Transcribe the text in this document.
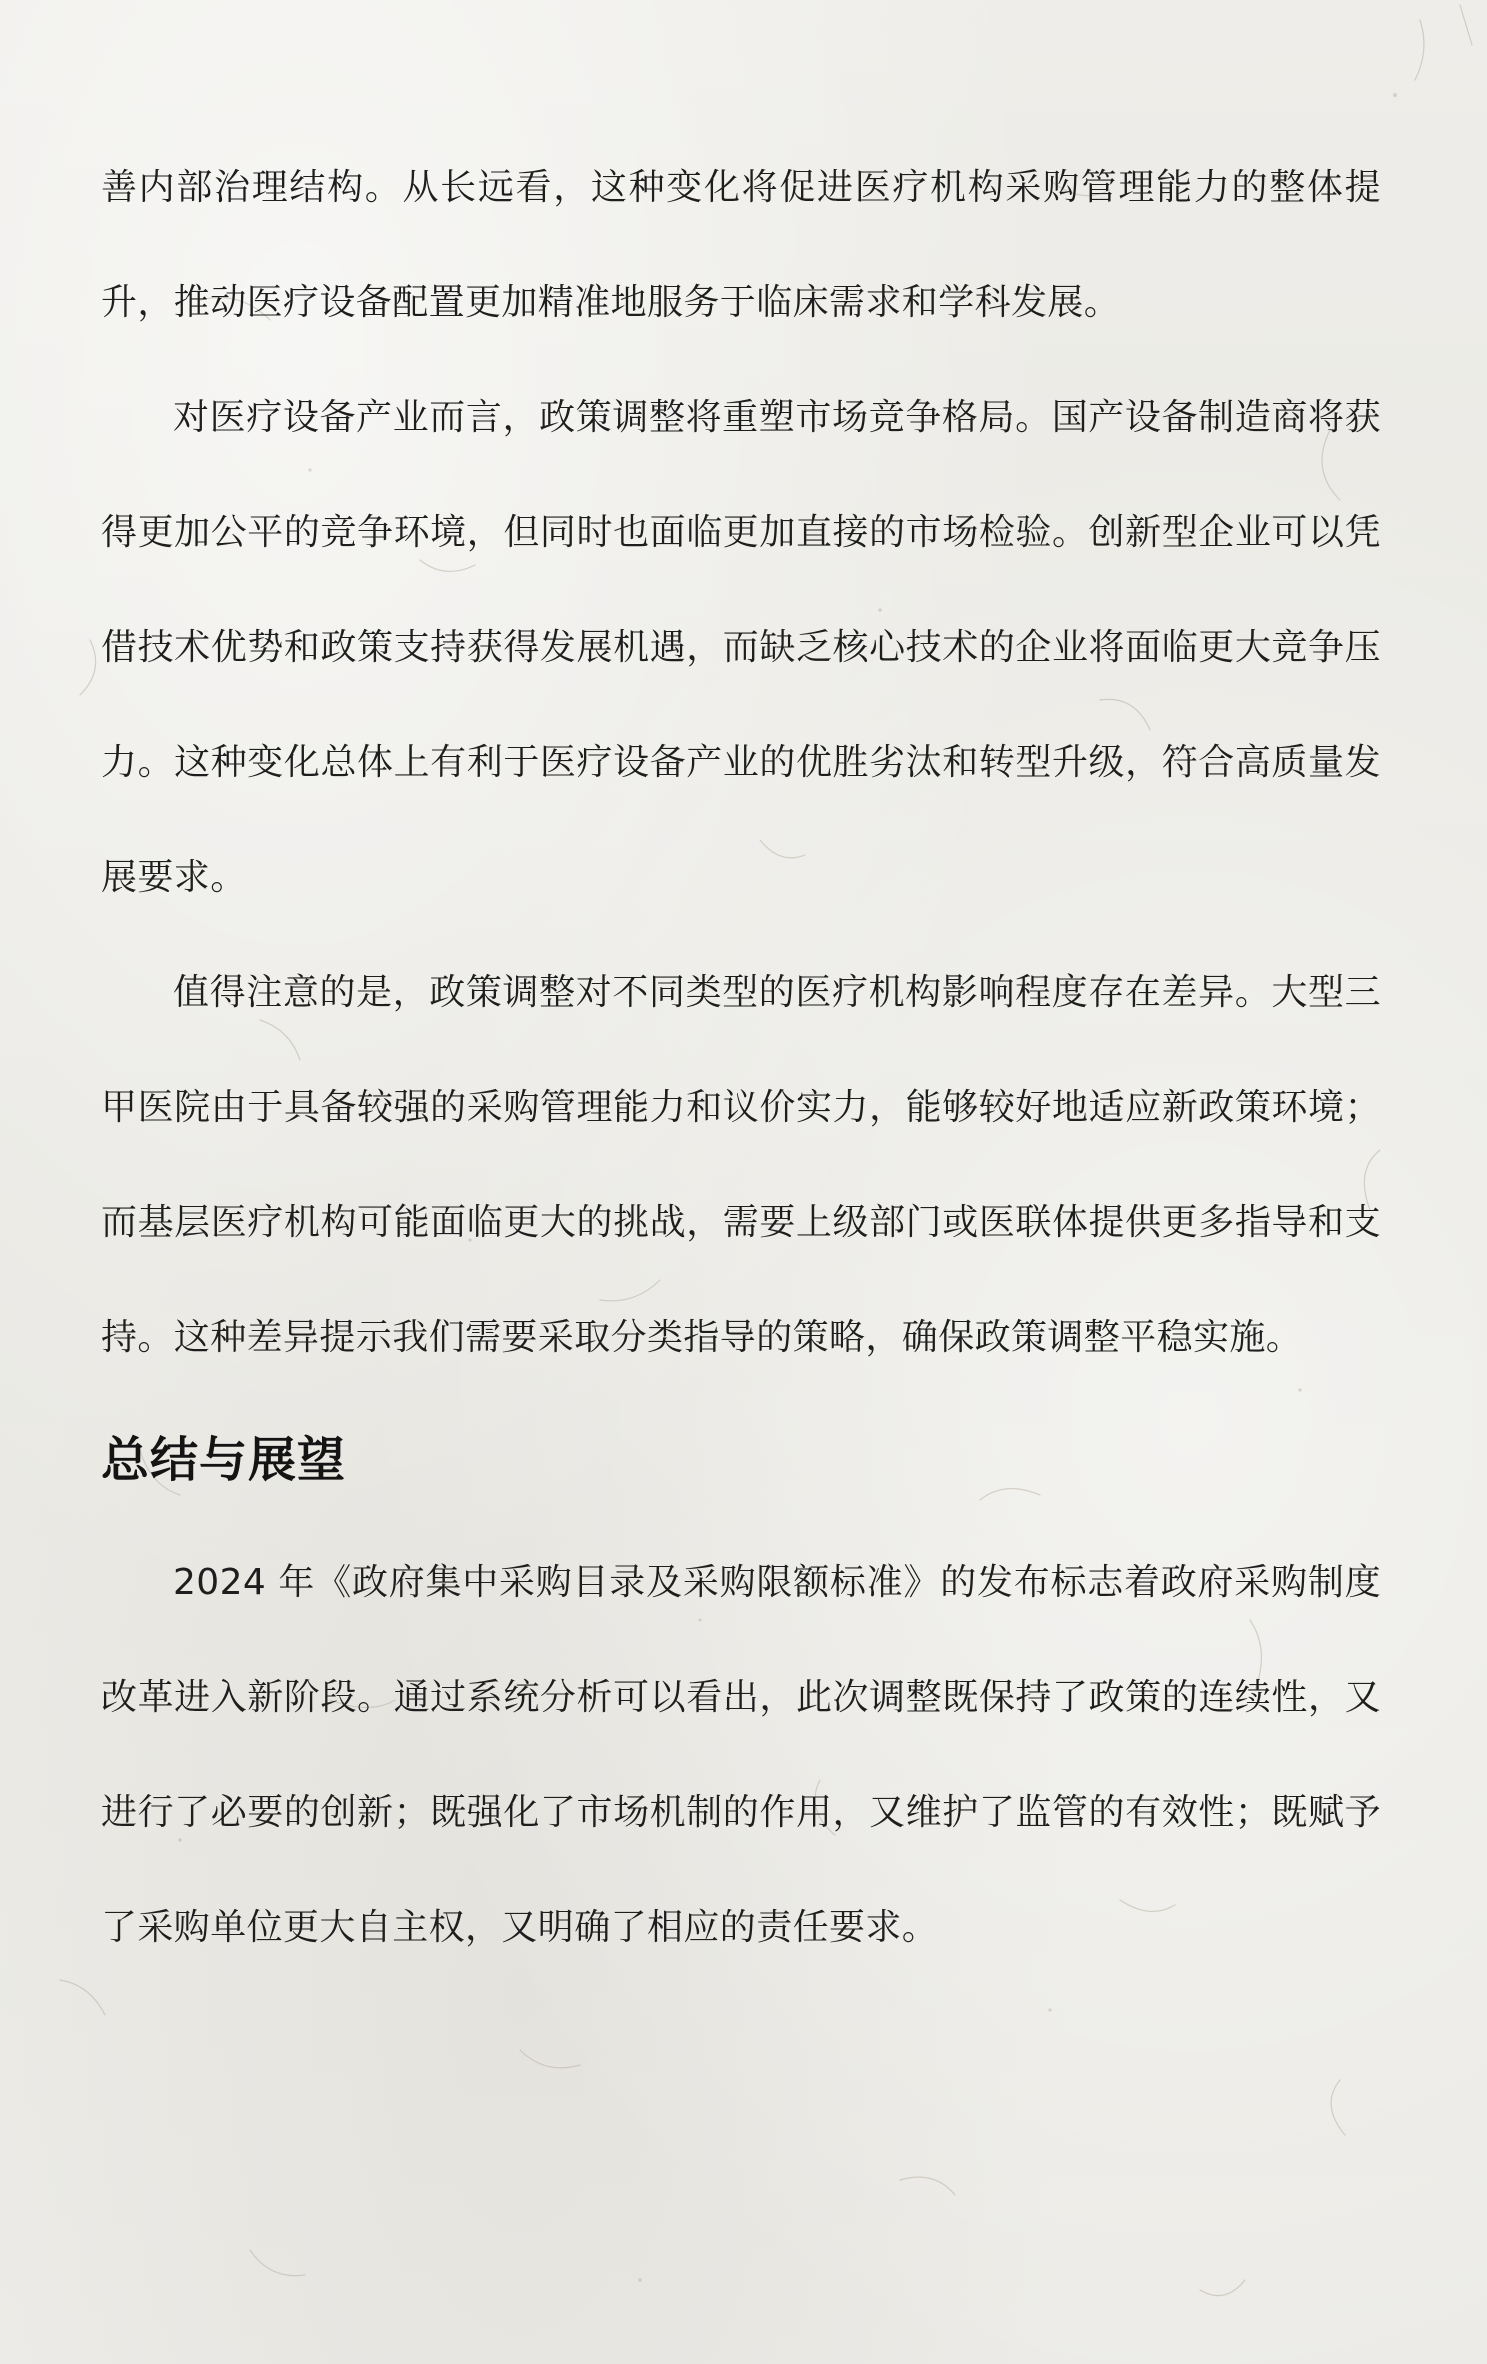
善内部治理结构。从长远看，这种变化将促进医疗机构采购管理能力的整体提升，推动医疗设备配置更加精准地服务于临床需求和学科发展。

对医疗设备产业而言，政策调整将重塑市场竞争格局。国产设备制造商将获得更加公平的竞争环境，但同时也面临更加直接的市场检验。创新型企业可以凭借技术优势和政策支持获得发展机遇，而缺乏核心技术的企业将面临更大竞争压力。这种变化总体上有利于医疗设备产业的优胜劣汰和转型升级，符合高质量发展要求。

值得注意的是，政策调整对不同类型的医疗机构影响程度存在差异。大型三甲医院由于具备较强的采购管理能力和议价实力，能够较好地适应新政策环境；而基层医疗机构可能面临更大的挑战，需要上级部门或医联体提供更多指导和支持。这种差异提示我们需要采取分类指导的策略，确保政策调整平稳实施。

总结与展望

2024 年《政府集中采购目录及采购限额标准》的发布标志着政府采购制度改革进入新阶段。通过系统分析可以看出，此次调整既保持了政策的连续性，又进行了必要的创新；既强化了市场机制的作用，又维护了监管的有效性；既赋予了采购单位更大自主权，又明确了相应的责任要求。
